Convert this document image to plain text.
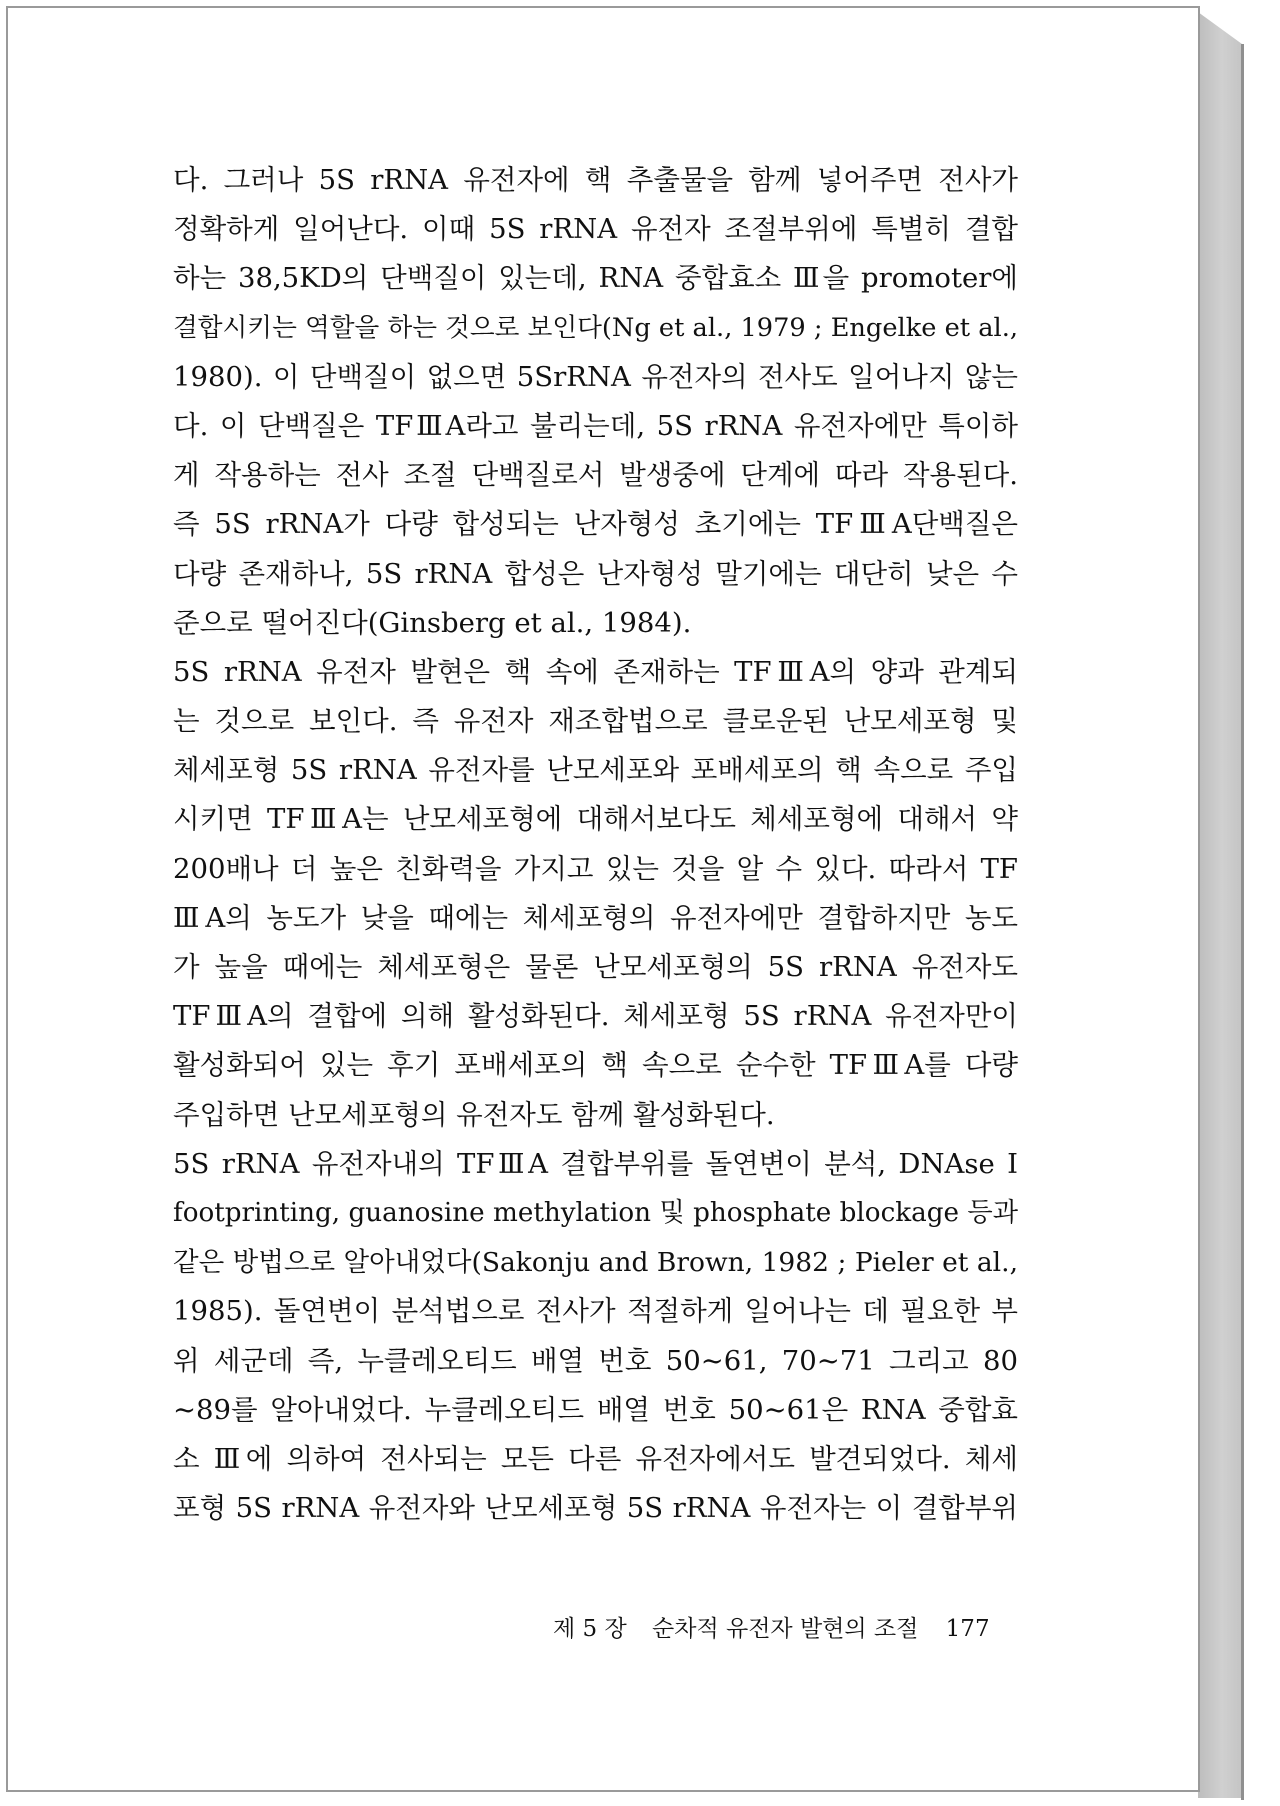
다. 그러나 5S rRNA 유전자에 핵 추출물을 함께 넣어주면 전사가
정확하게 일어난다. 이때 5S rRNA 유전자 조절부위에 특별히 결합
하는 38,5KD의 단백질이 있는데, RNA 중합효소 Ⅲ을 promoter에
결합시키는 역할을 하는 것으로 보인다(Ng et al., 1979 ; Engelke et al.,
1980). 이 단백질이 없으면 5SrRNA 유전자의 전사도 일어나지 않는
다. 이 단백질은 TFⅢA라고 불리는데, 5S rRNA 유전자에만 특이하
게 작용하는 전사 조절 단백질로서 발생중에 단계에 따라 작용된다.
즉 5S rRNA가 다량 합성되는 난자형성 초기에는 TFⅢA단백질은
다량 존재하나, 5S rRNA 합성은 난자형성 말기에는 대단히 낮은 수
준으로 떨어진다(Ginsberg et al., 1984).
5S rRNA 유전자 발현은 핵 속에 존재하는 TFⅢA의 양과 관계되
는 것으로 보인다. 즉 유전자 재조합법으로 클로운된 난모세포형 및
체세포형 5S rRNA 유전자를 난모세포와 포배세포의 핵 속으로 주입
시키면 TFⅢA는 난모세포형에 대해서보다도 체세포형에 대해서 약
200배나 더 높은 친화력을 가지고 있는 것을 알 수 있다. 따라서 TF
ⅢA의 농도가 낮을 때에는 체세포형의 유전자에만 결합하지만 농도
가 높을 때에는 체세포형은 물론 난모세포형의 5S rRNA 유전자도
TFⅢA의 결합에 의해 활성화된다. 체세포형 5S rRNA 유전자만이
활성화되어 있는 후기 포배세포의 핵 속으로 순수한 TFⅢA를 다량
주입하면 난모세포형의 유전자도 함께 활성화된다.
5S rRNA 유전자내의 TFⅢA 결합부위를 돌연변이 분석, DNAse I
footprinting, guanosine methylation 및 phosphate blockage 등과
같은 방법으로 알아내었다(Sakonju and Brown, 1982 ; Pieler et al.,
1985). 돌연변이 분석법으로 전사가 적절하게 일어나는 데 필요한 부
위 세군데 즉, 누클레오티드 배열 번호 50∼61, 70∼71 그리고 80
∼89를 알아내었다. 누클레오티드 배열 번호 50∼61은 RNA 중합효
소 Ⅲ에 의하여 전사되는 모든 다른 유전자에서도 발견되었다. 체세
포형 5S rRNA 유전자와 난모세포형 5S rRNA 유전자는 이 결합부위
제 5 장 순차적 유전자 발현의 조절 177
